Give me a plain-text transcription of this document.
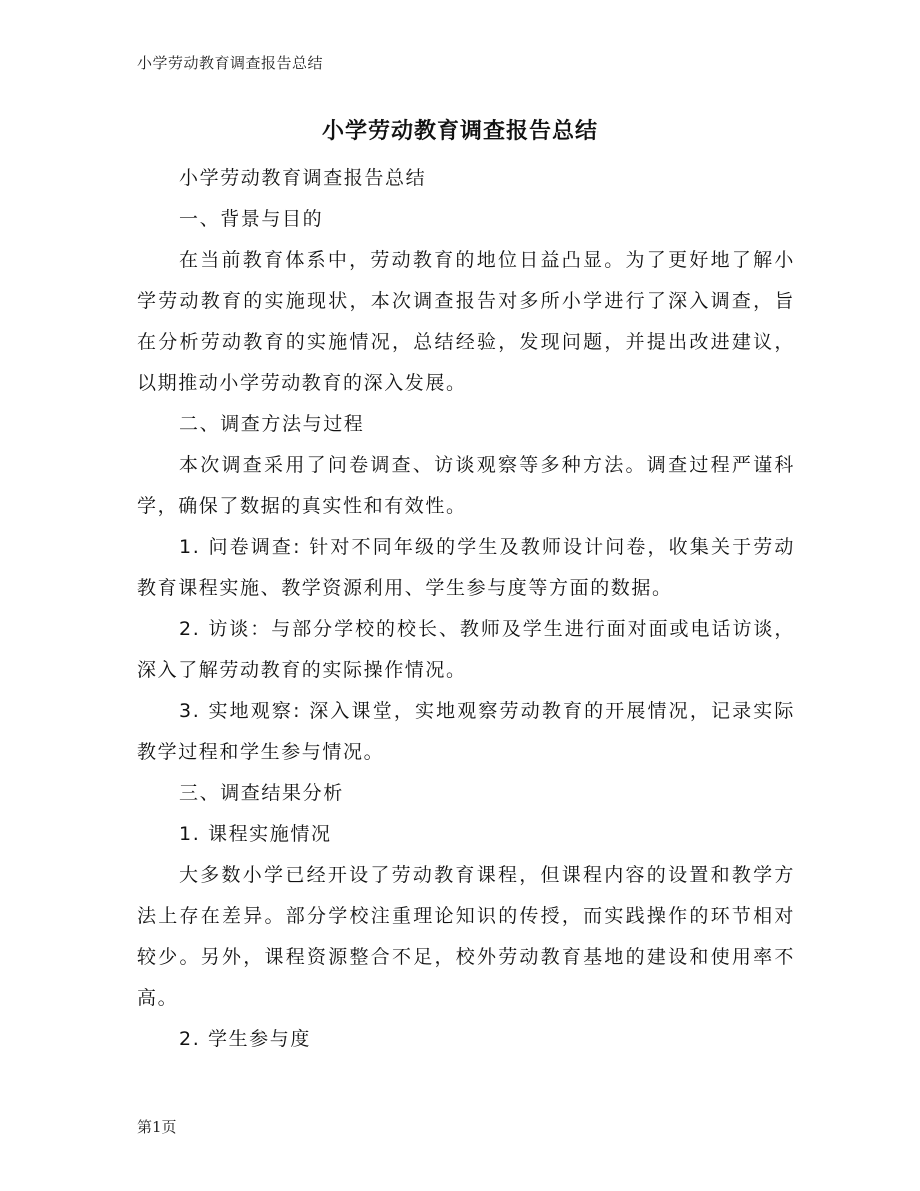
小学劳动教育调查报告总结
小学劳动教育调查报告总结

小学劳动教育调查报告总结

一、背景与目的

在当前教育体系中，劳动教育的地位日益凸显。为了更好地了解小学劳动教育的实施现状，本次调查报告对多所小学进行了深入调查，旨在分析劳动教育的实施情况，总结经验，发现问题，并提出改进建议，以期推动小学劳动教育的深入发展。

二、调查方法与过程

本次调查采用了问卷调查、访谈观察等多种方法。调查过程严谨科学，确保了数据的真实性和有效性。

1. 问卷调查: 针对不同年级的学生及教师设计问卷，收集关于劳动教育课程实施、教学资源利用、学生参与度等方面的数据。

2. 访谈：与部分学校的校长、教师及学生进行面对面或电话访谈，深入了解劳动教育的实际操作情况。

3. 实地观察: 深入课堂，实地观察劳动教育的开展情况，记录实际教学过程和学生参与情况。

三、调查结果分析

1. 课程实施情况

大多数小学已经开设了劳动教育课程，但课程内容的设置和教学方法上存在差异。部分学校注重理论知识的传授，而实践操作的环节相对较少。另外，课程资源整合不足，校外劳动教育基地的建设和使用率不高。

2. 学生参与度

第1页
